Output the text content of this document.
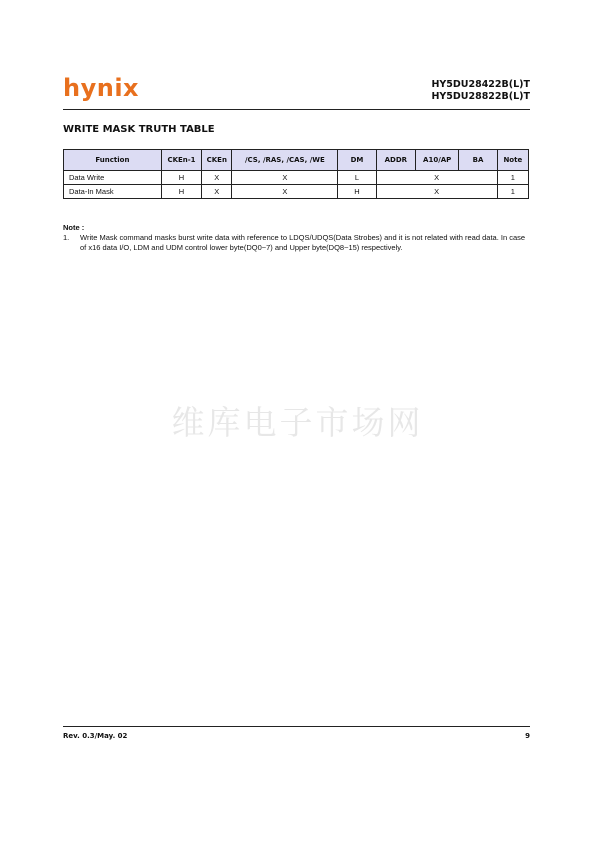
hynix	HY5DU28422B(L)T
HY5DU28822B(L)T
WRITE MASK TRUTH TABLE
Function	CKEn-1	CKEn	/CS, /RAS, /CAS, /WE	DM	ADDR	A10/AP	BA	Note
Data Write	H	X	X	L	X			1
Data-In Mask	H	X	X	H	X			1
Note :
1.	Write Mask command masks burst write data with reference to LDQS/UDQS(Data Strobes) and it is not related with read data. In case of x16 data I/O, LDM and UDM control lower byte(DQ0~7) and Upper byte(DQ8~15) respectively.
维库电子市场网
Rev. 0.3/May. 02	9
